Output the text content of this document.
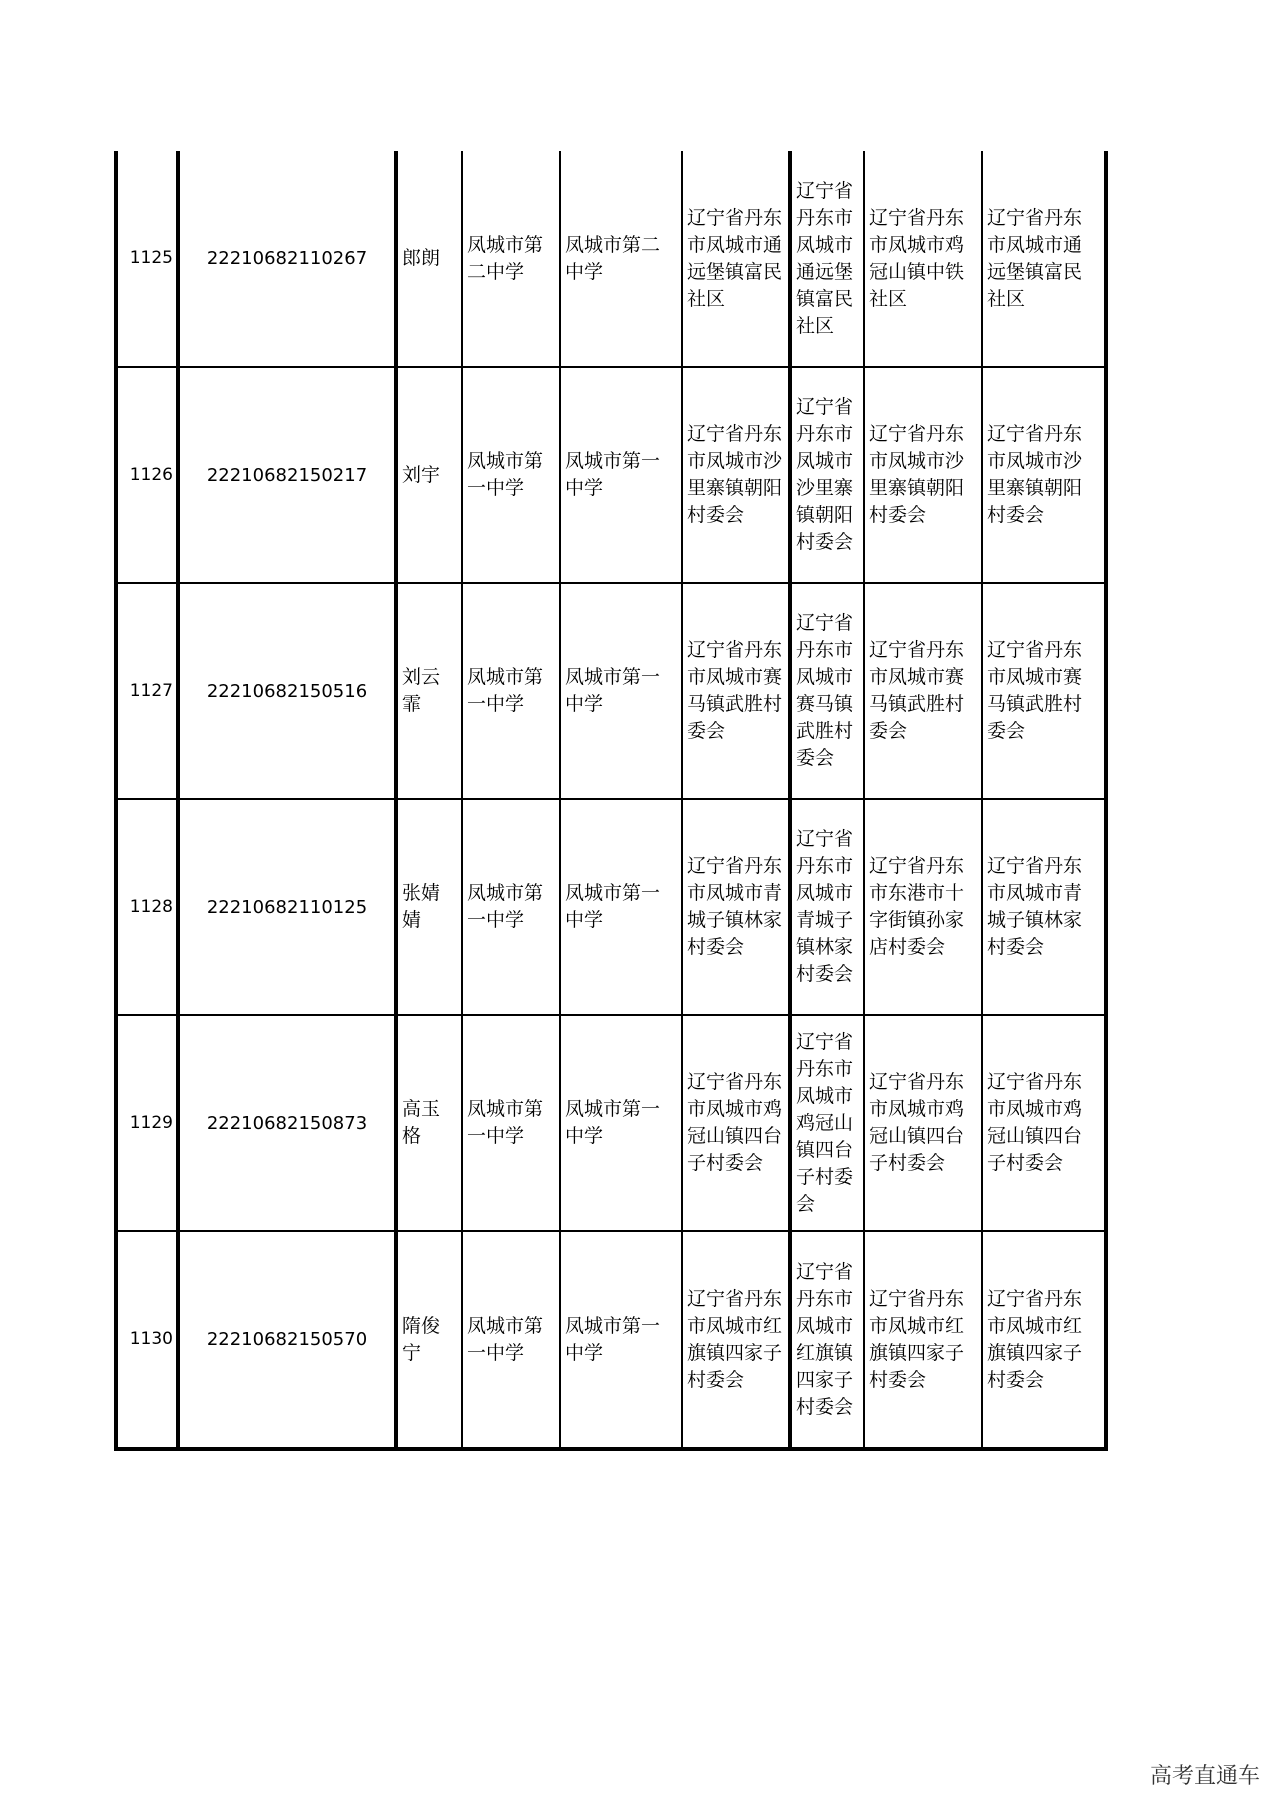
1125	22210682110267	郎朗	凤城市第二中学	凤城市第二中学	辽宁省丹东市凤城市通远堡镇富民社区	辽宁省丹东市凤城市通远堡镇富民社区	辽宁省丹东市凤城市鸡冠山镇中铁社区	辽宁省丹东市凤城市通远堡镇富民社区
1126	22210682150217	刘宇	凤城市第一中学	凤城市第一中学	辽宁省丹东市凤城市沙里寨镇朝阳村委会	辽宁省丹东市凤城市沙里寨镇朝阳村委会	辽宁省丹东市凤城市沙里寨镇朝阳村委会	辽宁省丹东市凤城市沙里寨镇朝阳村委会
1127	22210682150516	刘云霏	凤城市第一中学	凤城市第一中学	辽宁省丹东市凤城市赛马镇武胜村委会	辽宁省丹东市凤城市赛马镇武胜村委会	辽宁省丹东市凤城市赛马镇武胜村委会	辽宁省丹东市凤城市赛马镇武胜村委会
1128	22210682110125	张婧婧	凤城市第一中学	凤城市第一中学	辽宁省丹东市凤城市青城子镇林家村委会	辽宁省丹东市凤城市青城子镇林家村委会	辽宁省丹东市东港市十字街镇孙家店村委会	辽宁省丹东市凤城市青城子镇林家村委会
1129	22210682150873	高玉格	凤城市第一中学	凤城市第一中学	辽宁省丹东市凤城市鸡冠山镇四台子村委会	辽宁省丹东市凤城市鸡冠山镇四台子村委会	辽宁省丹东市凤城市鸡冠山镇四台子村委会	辽宁省丹东市凤城市鸡冠山镇四台子村委会
1130	22210682150570	隋俊宁	凤城市第一中学	凤城市第一中学	辽宁省丹东市凤城市红旗镇四家子村委会	辽宁省丹东市凤城市红旗镇四家子村委会	辽宁省丹东市凤城市红旗镇四家子村委会	辽宁省丹东市凤城市红旗镇四家子村委会
高考直通车
